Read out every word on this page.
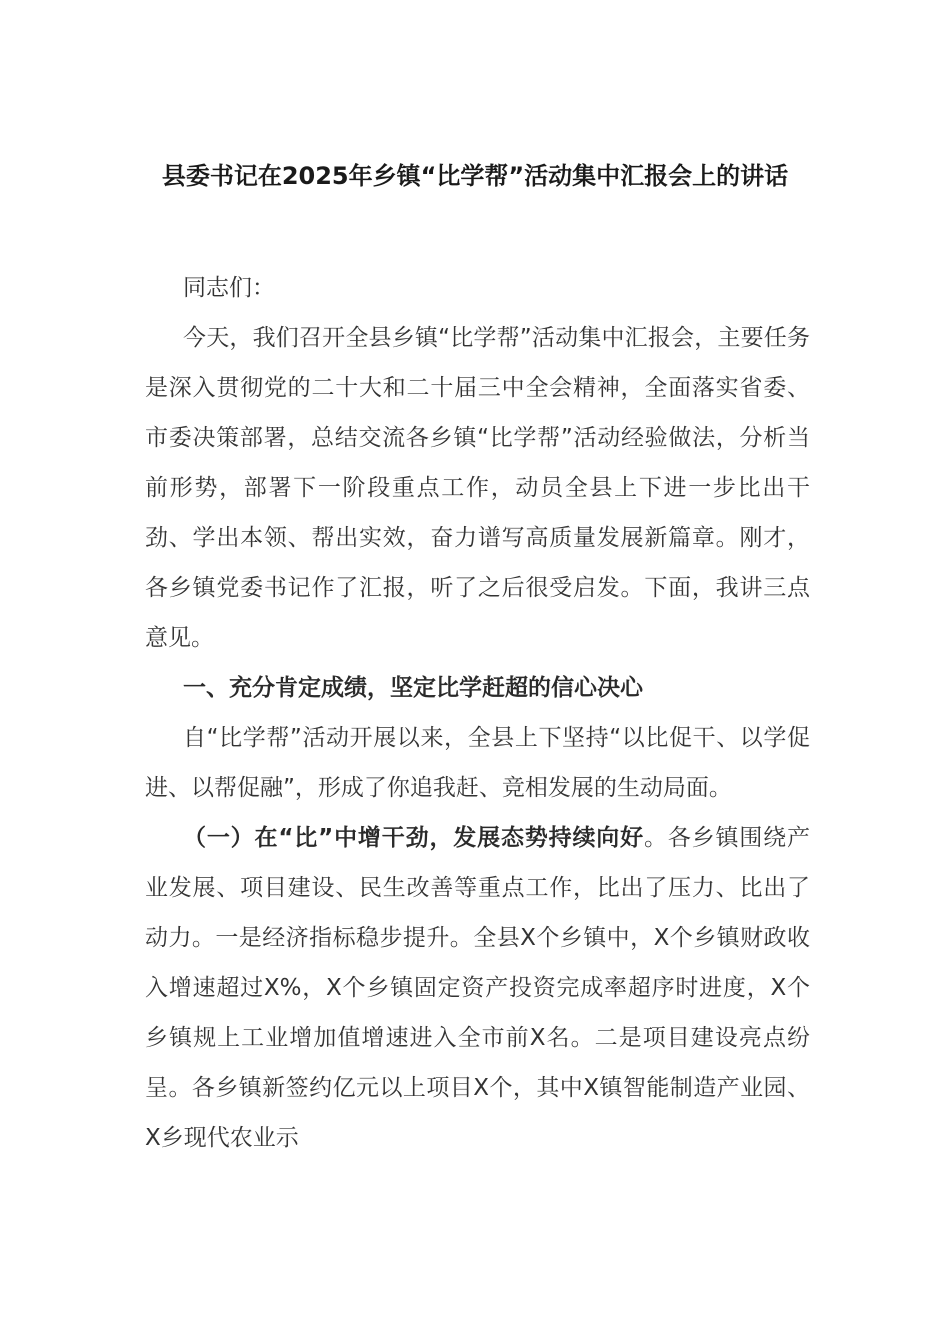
县委书记在2025年乡镇“比学帮”活动集中汇报会上的讲话

同志们：

今天，我们召开全县乡镇“比学帮”活动集中汇报会，主要任务是深入贯彻党的二十大和二十届三中全会精神，全面落实省委、市委决策部署，总结交流各乡镇“比学帮”活动经验做法，分析当前形势，部署下一阶段重点工作，动员全县上下进一步比出干劲、学出本领、帮出实效，奋力谱写高质量发展新篇章。刚才，各乡镇党委书记作了汇报，听了之后很受启发。下面，我讲三点意见。

一、充分肯定成绩，坚定比学赶超的信心决心

自“比学帮”活动开展以来，全县上下坚持“以比促干、以学促进、以帮促融”，形成了你追我赶、竞相发展的生动局面。

（一）在“比”中增干劲，发展态势持续向好。各乡镇围绕产业发展、项目建设、民生改善等重点工作，比出了压力、比出了动力。一是经济指标稳步提升。全县X个乡镇中，X个乡镇财政收入增速超过X%，X个乡镇固定资产投资完成率超序时进度，X个乡镇规上工业增加值增速进入全市前X名。二是项目建设亮点纷呈。各乡镇新签约亿元以上项目X个，其中X镇智能制造产业园、X乡现代农业示
